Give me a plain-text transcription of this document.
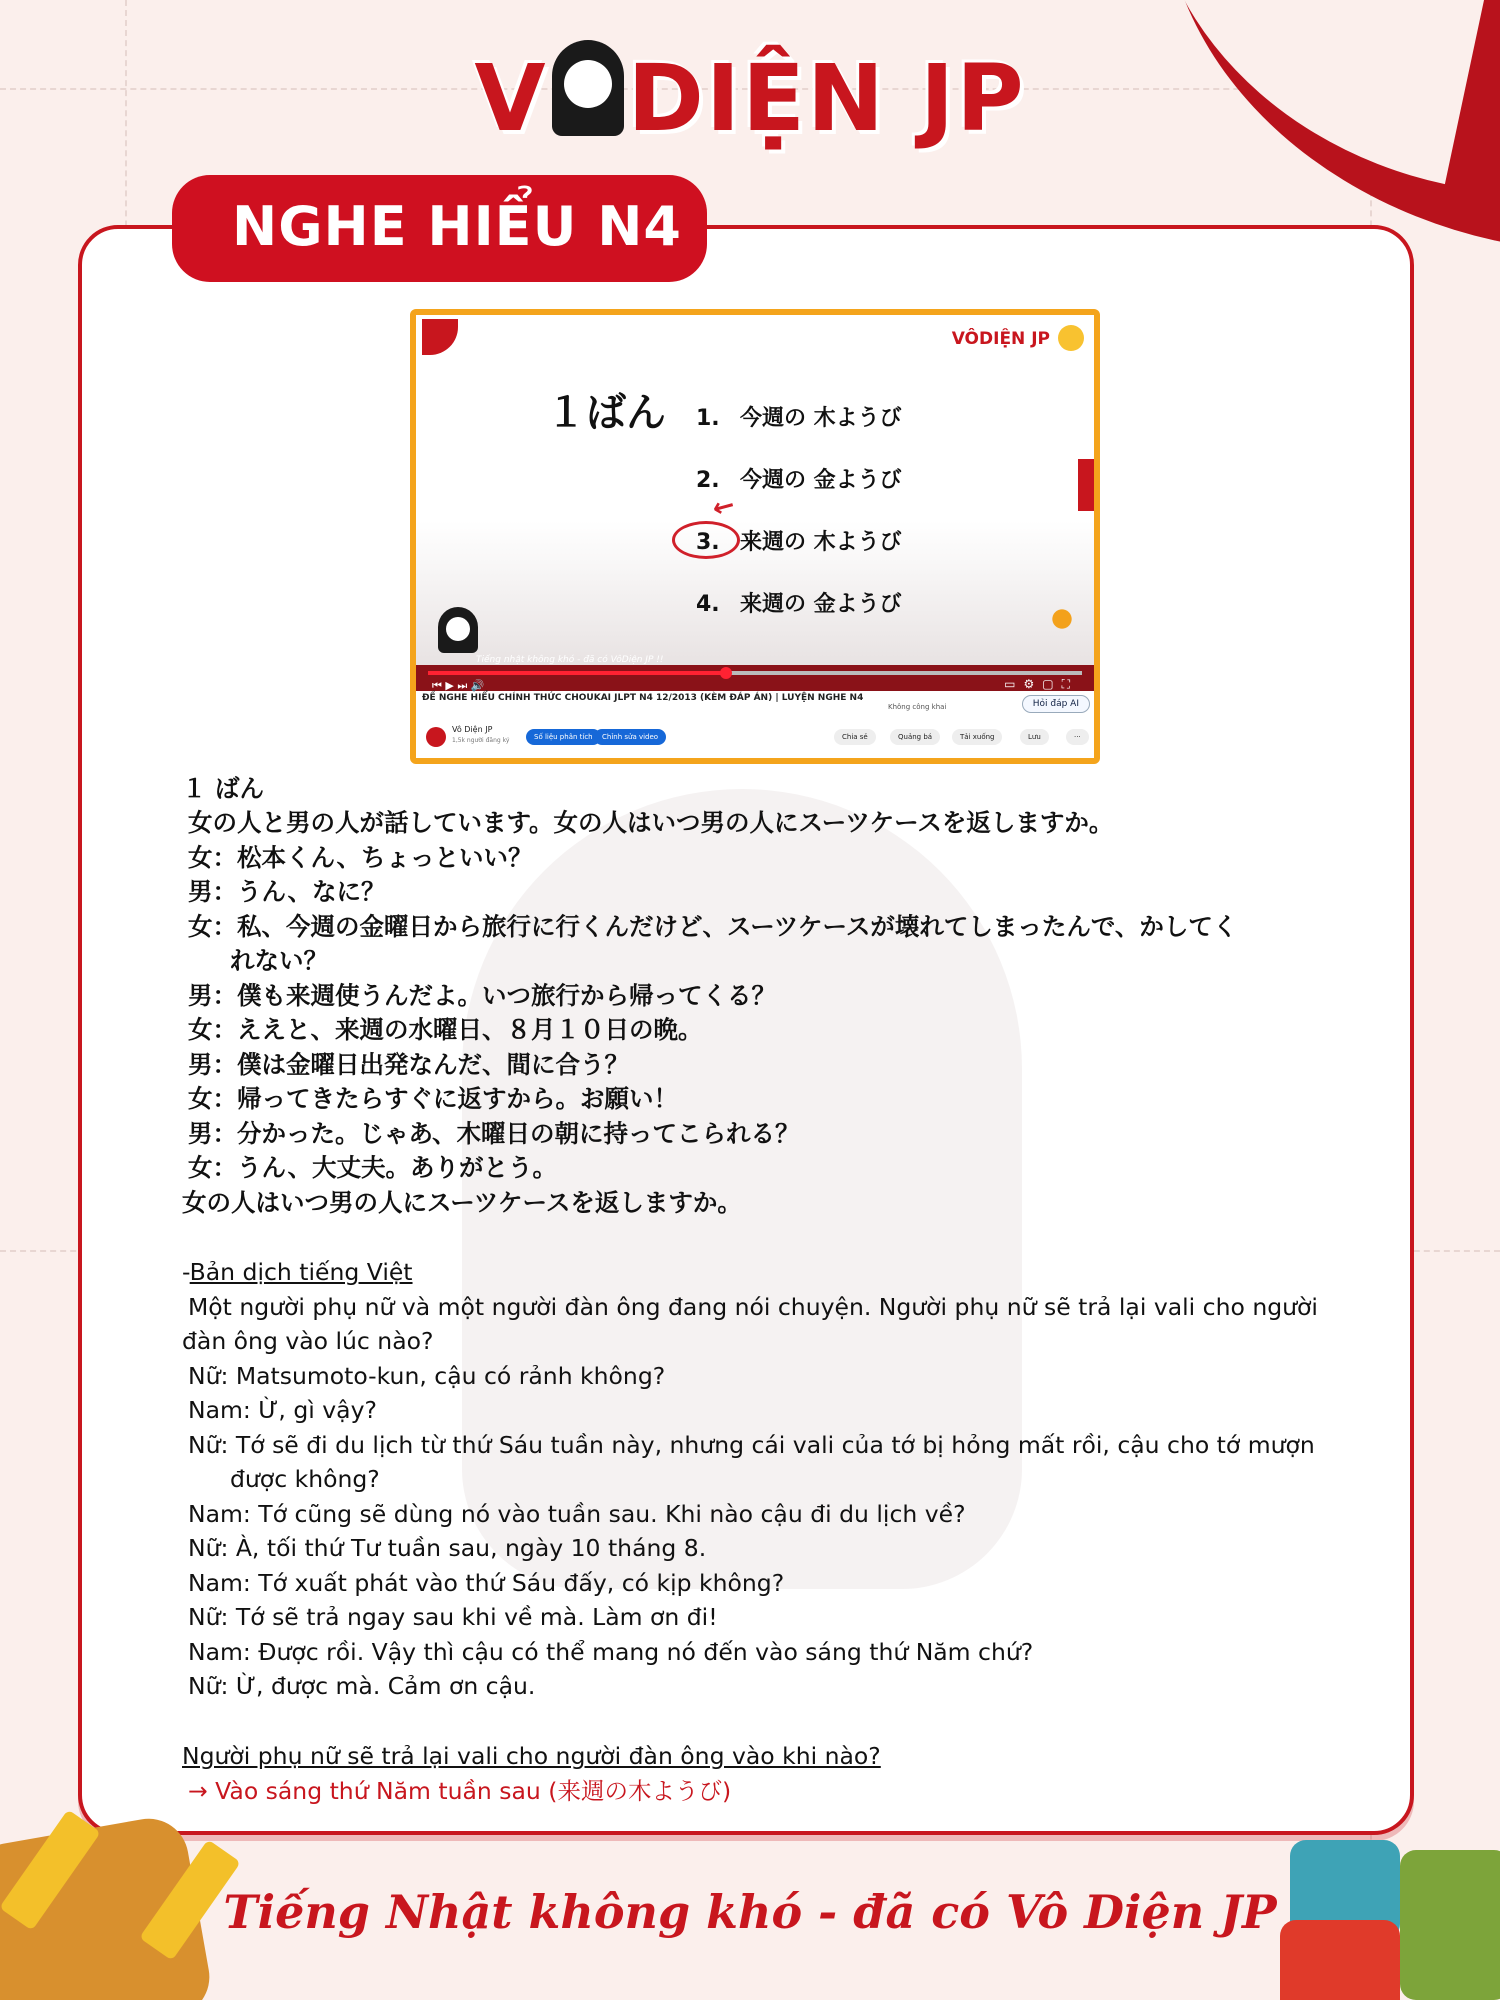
V DIỆN JP
NGHE HIỂU N4
VÔDIỆN JP
１ばん 1. 今週の 木ようび
2. 今週の 金ようび
3. 来週の 木ようび
4. 来週の 金ようび
↙
Tiếng nhật không khó - đã có VôDiện JP !!
⏮ ▶ ⏭ 🔊	▭⚙▢⛶
ĐỀ NGHE HIỂU CHÍNH THỨC CHOUKAI JLPT N4 12/2013 (KÈM ĐÁP ÁN) | LUYỆN NGHE N4
Không công khai	Hỏi đáp AI
Vô Diện JP
1,5k người đăng ký	Số liệu phân tích	Chỉnh sửa video	Chia sẻ	Quảng bá	Tải xuống	Lưu	···
１ ばん
女の人と男の人が話しています。女の人はいつ男の人にスーツケースを返しますか。
女：松本くん、ちょっといい？
男：うん、なに？
女：私、今週の金曜日から旅行に行くんだけど、スーツケースが壊れてしまったんで、かしてく
れない？
男：僕も来週使うんだよ。いつ旅行から帰ってくる？
女：ええと、来週の水曜日、８月１０日の晩。
男：僕は金曜日出発なんだ、間に合う？
女：帰ってきたらすぐに返すから。お願い！
男：分かった。じゃあ、木曜日の朝に持ってこられる？
女：うん、大丈夫。ありがとう。
女の人はいつ男の人にスーツケースを返しますか。
-Bản dịch tiếng Việt
Một người phụ nữ và một người đàn ông đang nói chuyện. Người phụ nữ sẽ trả lại vali cho người
đàn ông vào lúc nào?
Nữ: Matsumoto-kun, cậu có rảnh không?
Nam: Ừ, gì vậy?
Nữ: Tớ sẽ đi du lịch từ thứ Sáu tuần này, nhưng cái vali của tớ bị hỏng mất rồi, cậu cho tớ mượn
được không?
Nam: Tớ cũng sẽ dùng nó vào tuần sau. Khi nào cậu đi du lịch về?
Nữ: À, tối thứ Tư tuần sau, ngày 10 tháng 8.
Nam: Tớ xuất phát vào thứ Sáu đấy, có kịp không?
Nữ: Tớ sẽ trả ngay sau khi về mà. Làm ơn đi!
Nam: Được rồi. Vậy thì cậu có thể mang nó đến vào sáng thứ Năm chứ?
Nữ: Ừ, được mà. Cảm ơn cậu.
Người phụ nữ sẽ trả lại vali cho người đàn ông vào khi nào?
→ Vào sáng thứ Năm tuần sau (来週の木ようび)
Tiếng Nhật không khó - đã có Vô Diện JP
